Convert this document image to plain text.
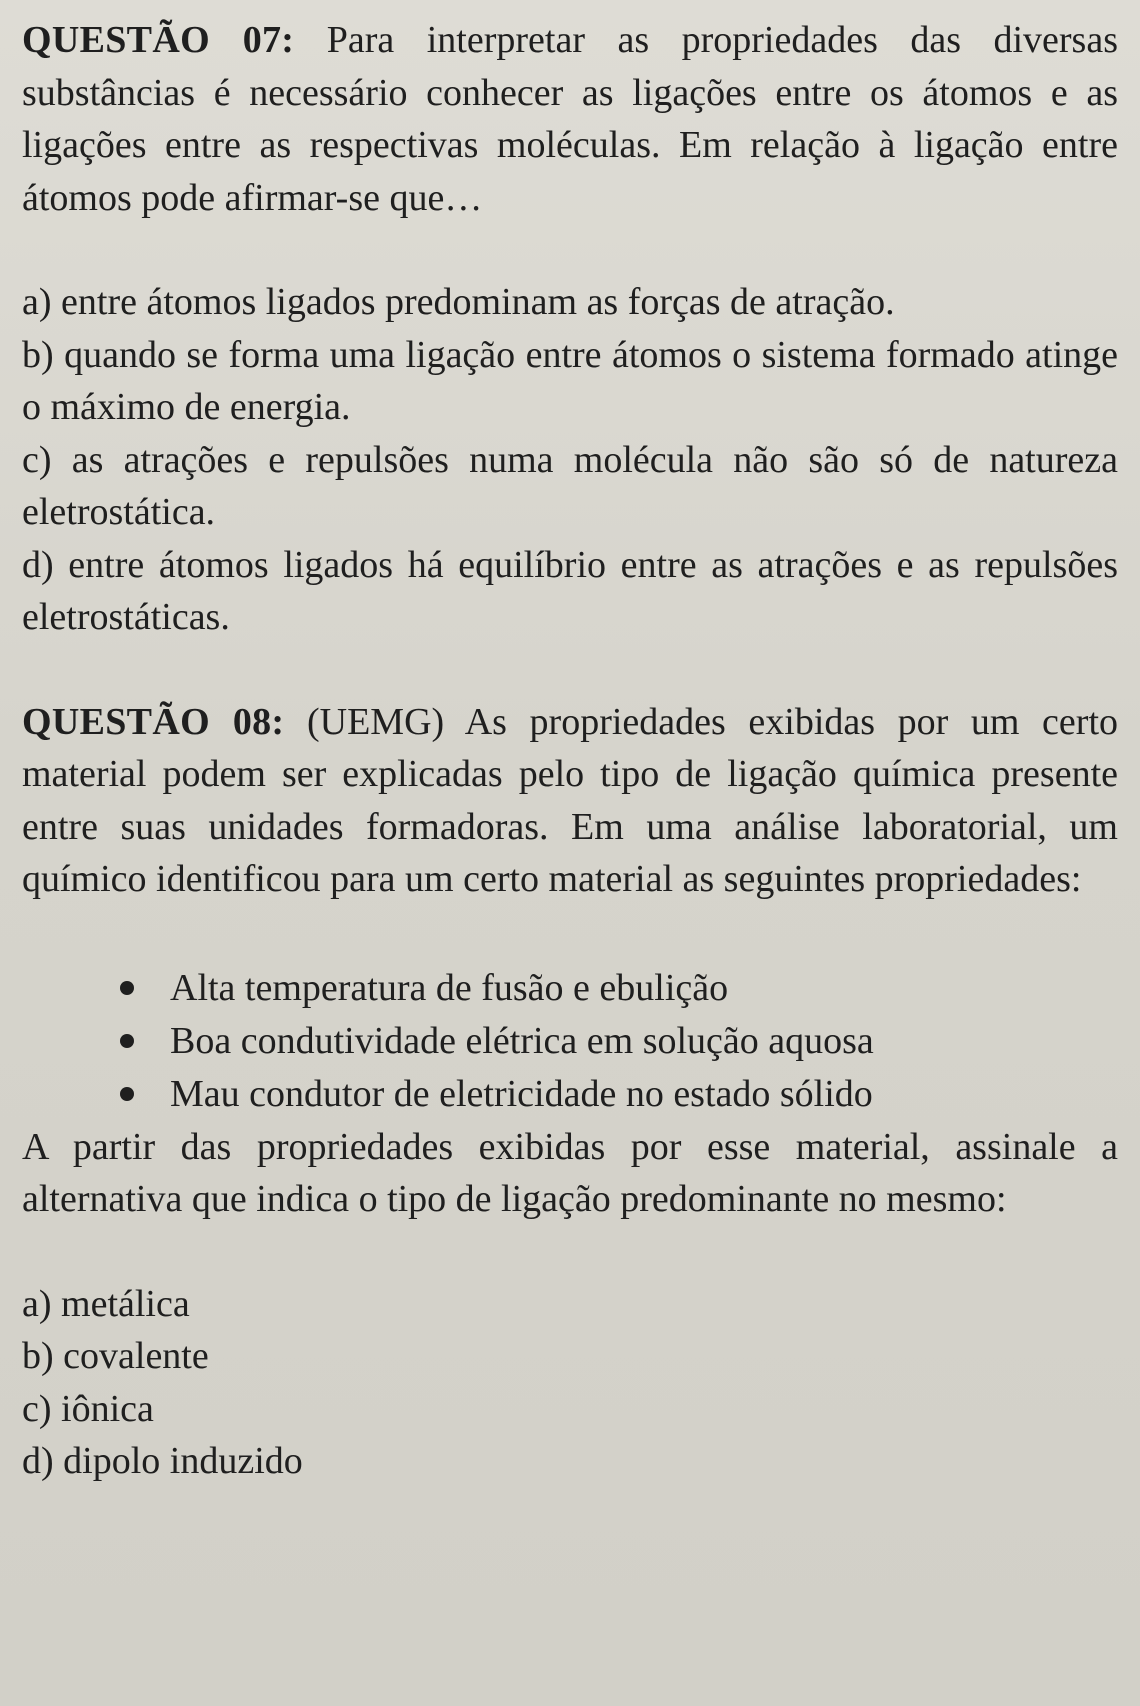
QUESTÃO 07: Para interpretar as propriedades das diversas substâncias é necessário conhecer as ligações entre os átomos e as ligações entre as respectivas moléculas. Em relação à ligação entre átomos pode afirmar-se que…

a) entre átomos ligados predominam as forças de atração.
b) quando se forma uma ligação entre átomos o sistema formado atinge o máximo de energia.
c) as atrações e repulsões numa molécula não são só de natureza eletrostática.
d) entre átomos ligados há equilíbrio entre as atrações e as repulsões eletrostáticas.

QUESTÃO 08: (UEMG) As propriedades exibidas por um certo material podem ser explicadas pelo tipo de ligação química presente entre suas unidades formadoras. Em uma análise laboratorial, um químico identificou para um certo material as seguintes propriedades:

Alta temperatura de fusão e ebulição
Boa condutividade elétrica em solução aquosa
Mau condutor de eletricidade no estado sólido

A partir das propriedades exibidas por esse material, assinale a alternativa que indica o tipo de ligação predominante no mesmo:

a) metálica
b) covalente
c) iônica
d) dipolo induzido
